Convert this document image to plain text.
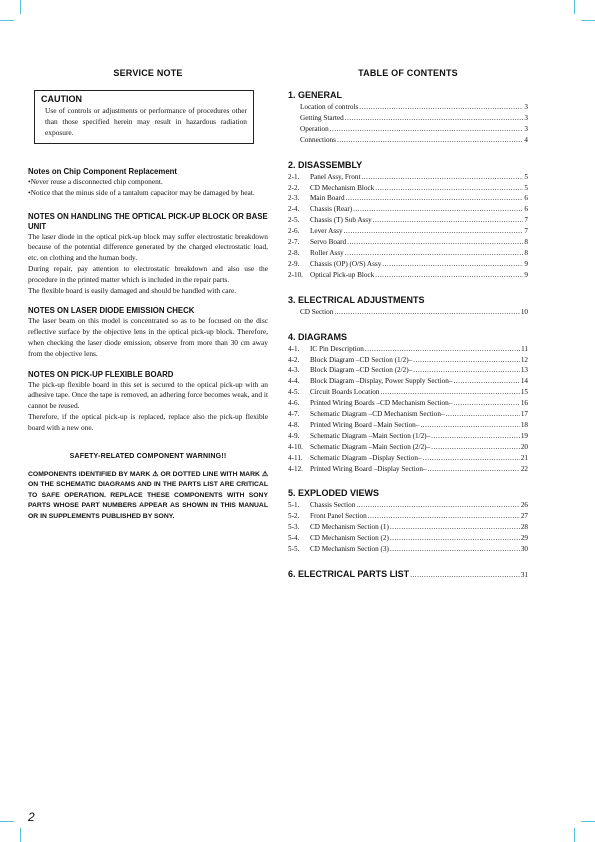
SERVICE NOTE

CAUTION

Use of controls or adjustments or performance of procedures other than those specified herein may result in hazardous radiation exposure.

Notes on Chip Component Replacement

•Never reuse a disconnected chip component.
•Notice that the minus side of a tantalum capacitor may be damaged by heat.

NOTES ON HANDLING THE OPTICAL PICK-UP BLOCK OR BASE UNIT

The laser diode in the optical pick-up block may suffer electrostatic breakdown because of the potential difference generated by the charged electrostatic load, etc. on clothing and the human body.

During repair, pay attention to electrostatic breakdown and also use the procedure in the printed matter which is included in the repair parts.

The flexible board is easily damaged and should be handled with care.

NOTES ON LASER DIODE EMISSION CHECK

The laser beam on this model is concentrated so as to be focused on the disc reflective surface by the objective lens in the optical pick-up block. Therefore, when checking the laser diode emission, observe from more than 30 cm away from the objective lens.

NOTES ON PICK-UP FLEXIBLE BOARD

The pick-up flexible board in this set is secured to the optical pick-up with an adhesive tape. Once the tape is removed, an adhering force becomes weak, and it cannot be reused.

Therefore, if the optical pick-up is replaced, replace also the pick-up flexible board with a new one.

SAFETY-RELATED COMPONENT WARNING!!

COMPONENTS IDENTIFIED BY MARK ⚠ OR DOTTED LINE WITH MARK ⚠ ON THE SCHEMATIC DIAGRAMS AND IN THE PARTS LIST ARE CRITICAL TO SAFE OPERATION. REPLACE THESE COMPONENTS WITH SONY PARTS WHOSE PART NUMBERS APPEAR AS SHOWN IN THIS MANUAL OR IN SUPPLEMENTS PUBLISHED BY SONY.

TABLE OF CONTENTS

1. GENERAL

Location of controls .....	3
Getting Started .....	3
Operation .....	3
Connections .....	4

2. DISASSEMBLY

2-1.	Panel Assy, Front .....	5
2-2.	CD Mechanism Block .....	5
2-3.	Main Board .....	6
2-4.	Chassis (Rear) .....	6
2-5.	Chassis (T) Sub Assy .....	7
2-6.	Lever Assy .....	7
2-7.	Servo Board .....	8
2-8.	Roller Assy .....	8
2-9.	Chassis (OP) (O/S) Assy .....	9
2-10. Optical Pick-up Block .....	9

3. ELECTRICAL ADJUSTMENTS

CD Section .....	10

4. DIAGRAMS

4-1.	IC Pin Description .....	11
4-2.	Block Diagram –CD Section (1/2)– .....	12
4-3.	Block Diagram –CD Section (2/2)– .....	13
4-4.	Block Diagram –Display, Power Supply Section– .....	14
4-5.	Circuit Boards Location .....	15
4-6.	Printed Wiring Boards –CD Mechanism Section– .....	16
4-7.	Schematic Diagram –CD Mechanism Section– .....	17
4-8.	Printed Wiring Board –Main Section– .....	18
4-9.	Schematic Diagram –Main Section (1/2)– .....	19
4-10. Schematic Diagram –Main Section (2/2)– .....	20
4-11.	Schematic Diagram –Display Section– .....	21
4-12. Printed Wiring Board –Display Section– .....	22

5. EXPLODED VIEWS

5-1.	Chassis Section .....	26
5-2.	Front Panel Section .....	27
5-3.	CD Mechanism Section (1) .....	28
5-4.	CD Mechanism Section (2) .....	29
5-5.	CD Mechanism Section (3) .....	30
6. ELECTRICAL PARTS LIST .....	31

2
